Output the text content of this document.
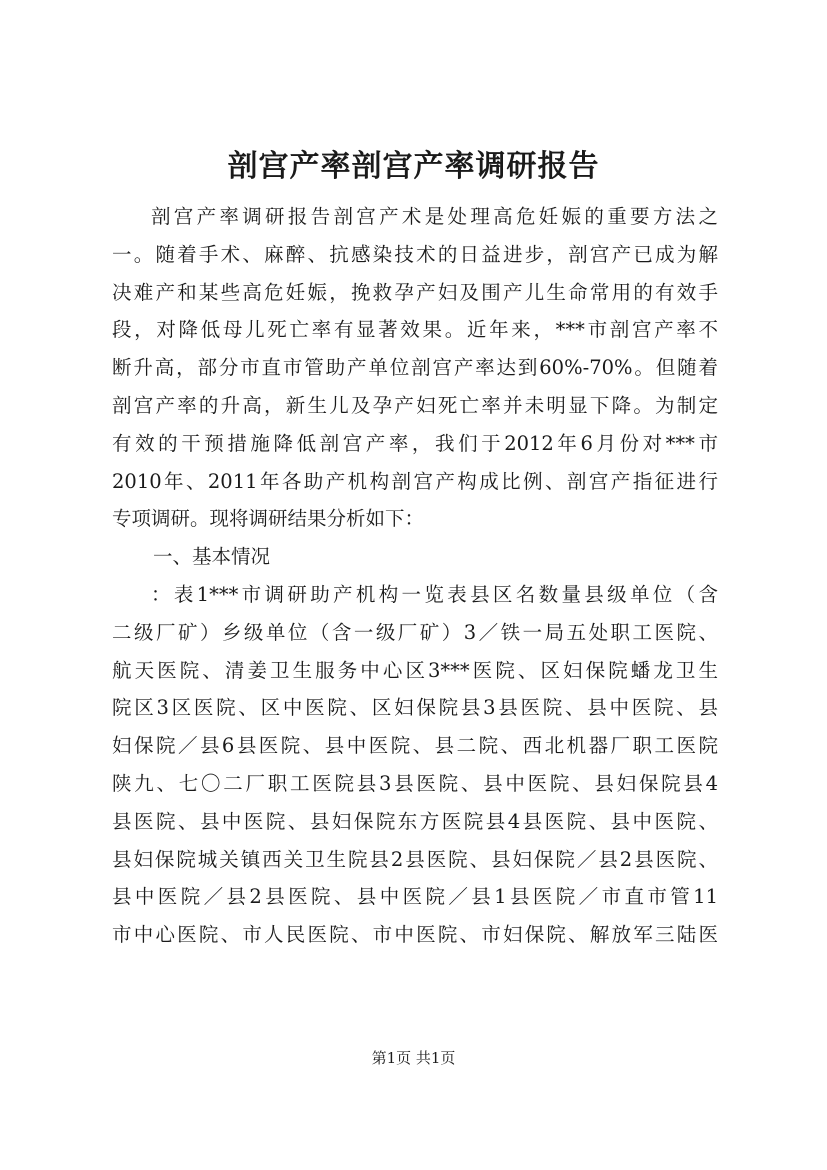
剖宫产率剖宫产率调研报告
剖宫产率调研报告剖宫产术是处理高危妊娠的重要方法之
一。随着手术、麻醉、抗感染技术的日益进步，剖宫产已成为解
决难产和某些高危妊娠，挽救孕产妇及围产儿生命常用的有效手
段，对降低母儿死亡率有显著效果。近年来，***市剖宫产率不
断升高，部分市直市管助产单位剖宫产率达到60%-70%。但随着
剖宫产率的升高，新生儿及孕产妇死亡率并未明显下降。为制定
有效的干预措施降低剖宫产率，我们于2012年6月份对***市
2010年、2011年各助产机构剖宫产构成比例、剖宫产指征进行
专项调研。现将调研结果分析如下：
一、基本情况
：表1***市调研助产机构一览表县区名数量县级单位（含
二级厂矿）乡级单位（含一级厂矿）3／铁一局五处职工医院、
航天医院、清姜卫生服务中心区3***医院、区妇保院蟠龙卫生
院区3区医院、区中医院、区妇保院县3县医院、县中医院、县
妇保院／县6县医院、县中医院、县二院、西北机器厂职工医院
陕九、七〇二厂职工医院县3县医院、县中医院、县妇保院县4
县医院、县中医院、县妇保院东方医院县4县医院、县中医院、
县妇保院城关镇西关卫生院县2县医院、县妇保院／县2县医院、
县中医院／县2县医院、县中医院／县1县医院／市直市管11
市中心医院、市人民医院、市中医院、市妇保院、解放军三陆医
第1页 共1页
